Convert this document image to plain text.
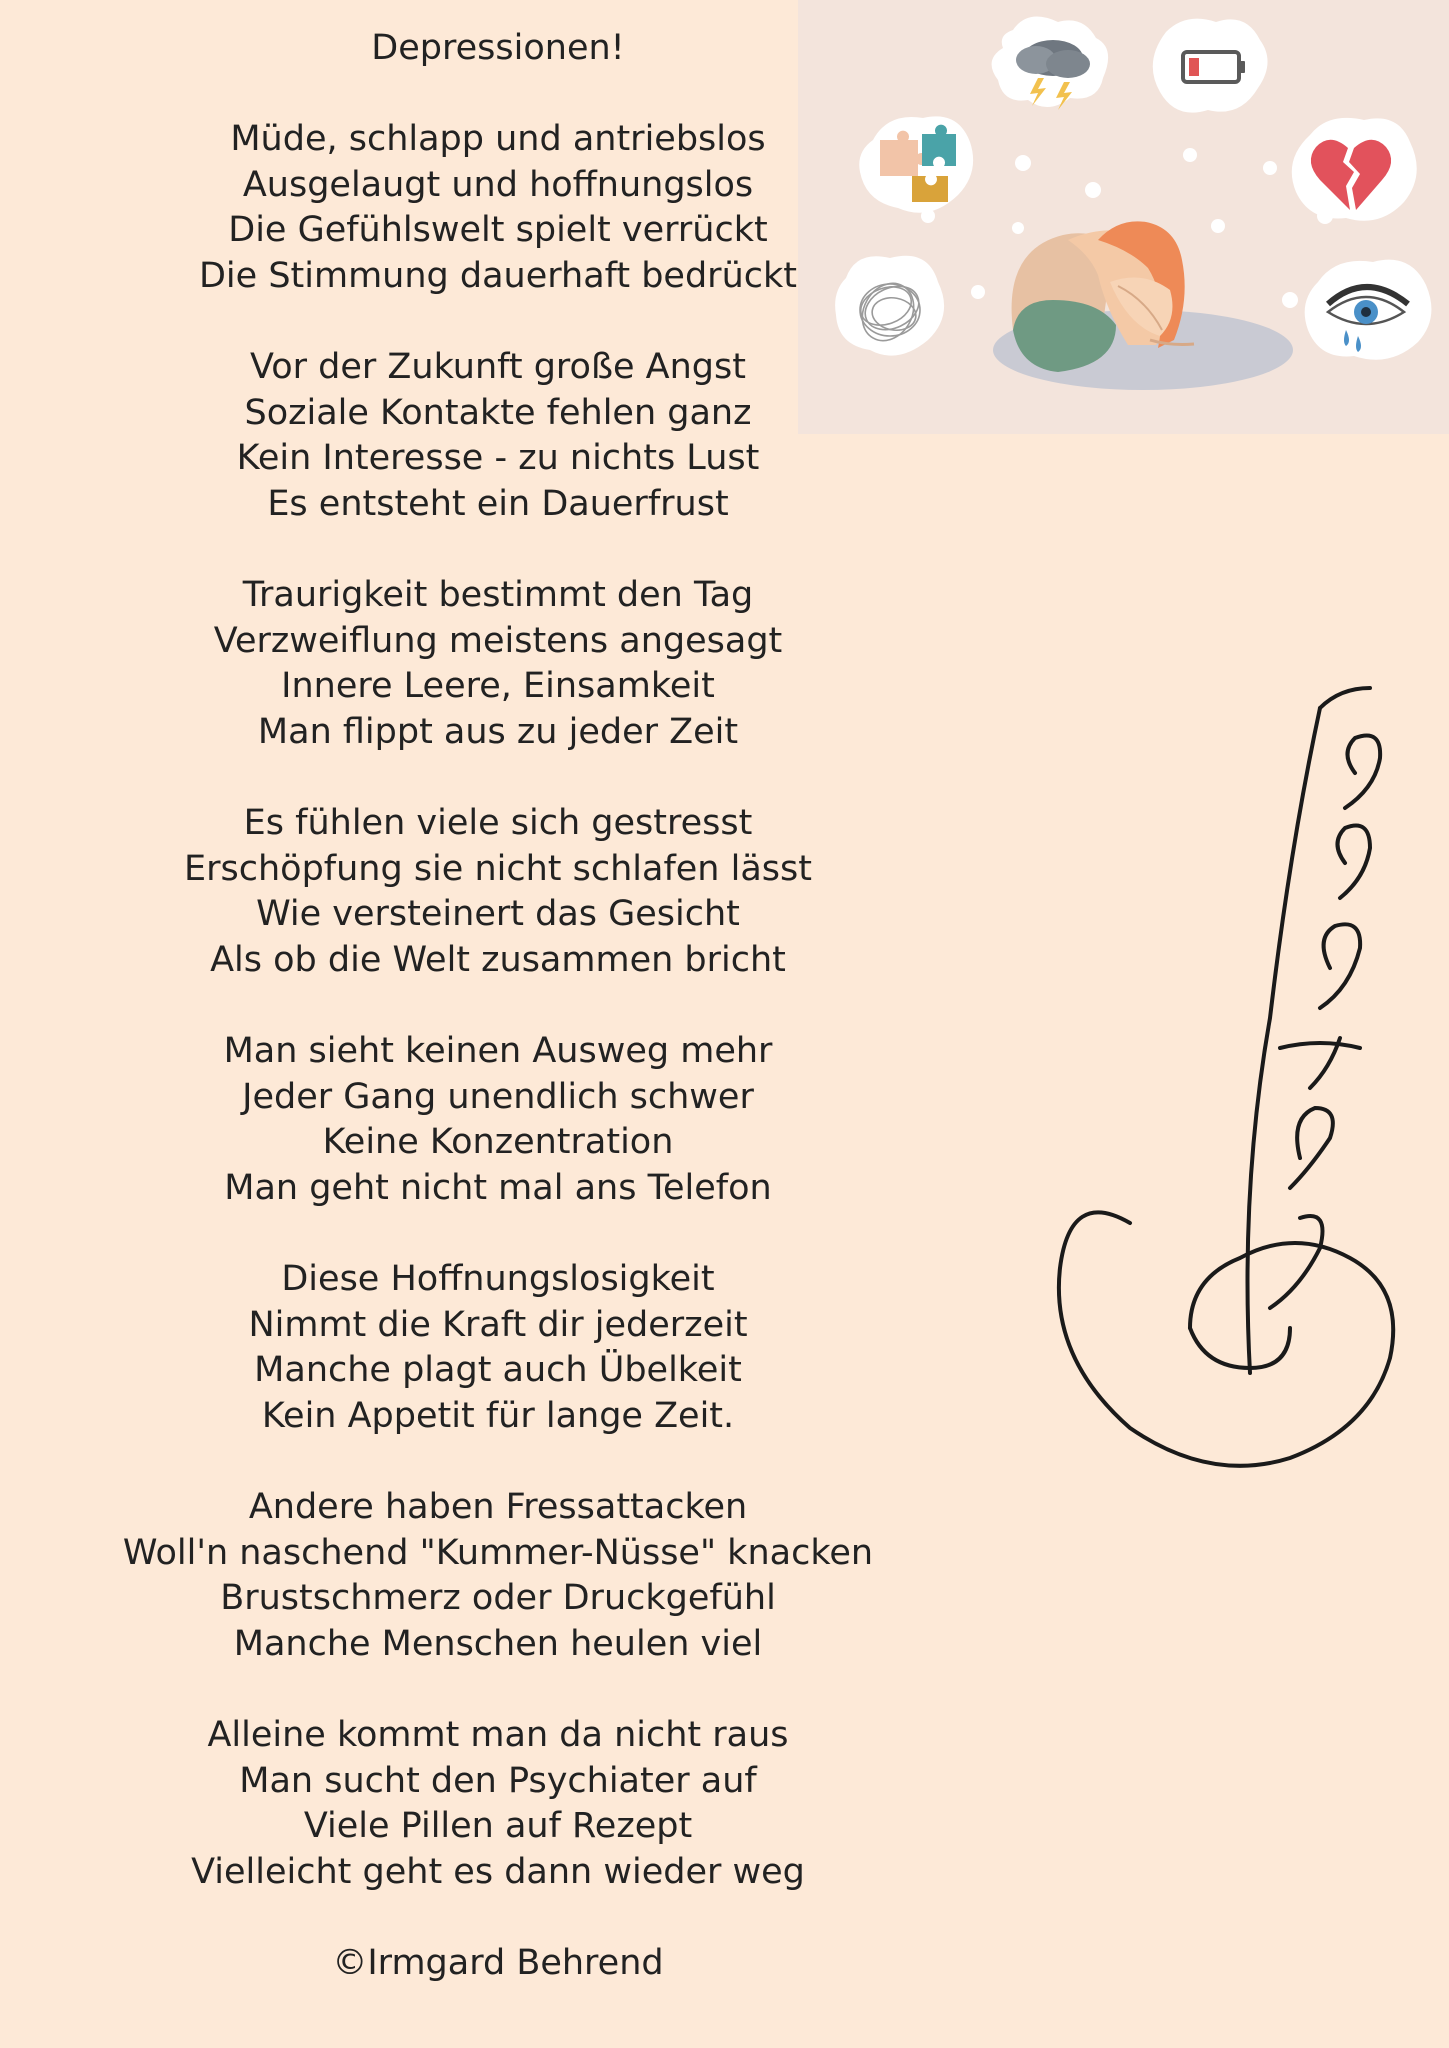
Depressionen!

Müde, schlapp und antriebslos
Ausgelaugt und hoffnungslos
Die Gefühlswelt spielt verrückt
Die Stimmung dauerhaft bedrückt
Vor der Zukunft große Angst
Soziale Kontakte fehlen ganz
Kein Interesse - zu nichts Lust
Es entsteht ein Dauerfrust
Traurigkeit bestimmt den Tag
Verzweiflung meistens angesagt
Innere Leere, Einsamkeit
Man flippt aus zu jeder Zeit
Es fühlen viele sich gestresst
Erschöpfung sie nicht schlafen lässt
Wie versteinert das Gesicht
Als ob die Welt zusammen bricht
Man sieht keinen Ausweg mehr
Jeder Gang unendlich schwer
Keine Konzentration
Man geht nicht mal ans Telefon
Diese Hoffnungslosigkeit
Nimmt die Kraft dir jederzeit
Manche plagt auch Übelkeit
Kein Appetit für lange Zeit.
Andere haben Fressattacken
Woll'n naschend "Kummer-Nüsse" knacken
Brustschmerz oder Druckgefühl
Manche Menschen heulen viel
Alleine kommt man da nicht raus
Man sucht den Psychiater auf
Viele Pillen auf Rezept
Vielleicht geht es dann wieder weg

©Irmgard Behrend
